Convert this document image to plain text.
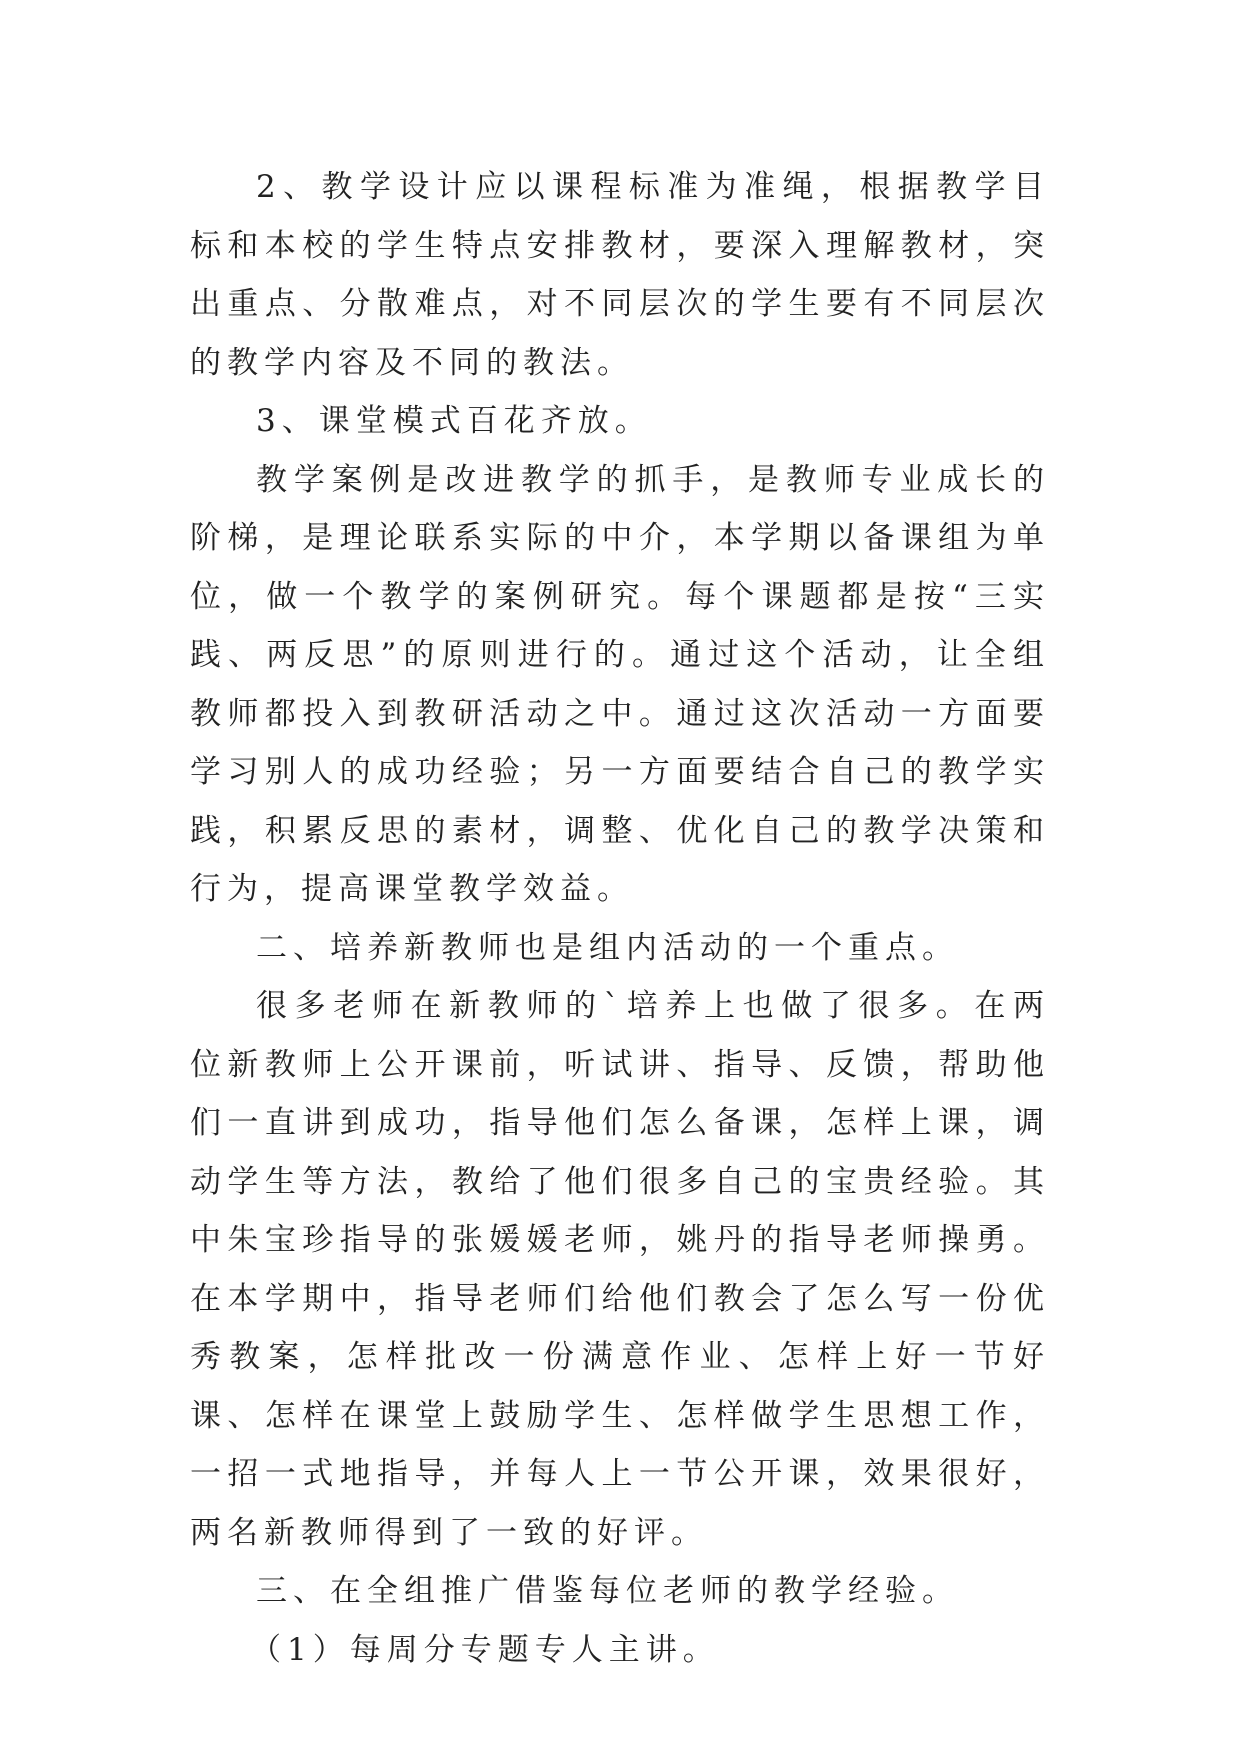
2、教学设计应以课程标准为准绳，根据教学目标和本校的学生特点安排教材，要深入理解教材，突出重点、分散难点，对不同层次的学生要有不同层次的教学内容及不同的教法。

3、课堂模式百花齐放。

教学案例是改进教学的抓手，是教师专业成长的阶梯，是理论联系实际的中介，本学期以备课组为单位，做一个教学的案例研究。每个课题都是按“三实践、两反思”的原则进行的。通过这个活动，让全组教师都投入到教研活动之中。通过这次活动一方面要学习别人的成功经验；另一方面要结合自己的教学实践，积累反思的素材，调整、优化自己的教学决策和行为，提高课堂教学效益。

二、培养新教师也是组内活动的一个重点。

很多老师在新教师的`培养上也做了很多。在两位新教师上公开课前，听试讲、指导、反馈，帮助他们一直讲到成功，指导他们怎么备课，怎样上课，调动学生等方法，教给了他们很多自己的宝贵经验。其中朱宝珍指导的张媛媛老师，姚丹的指导老师操勇。在本学期中，指导老师们给他们教会了怎么写一份优秀教案，怎样批改一份满意作业、怎样上好一节好课、怎样在课堂上鼓励学生、怎样做学生思想工作，一招一式地指导，并每人上一节公开课，效果很好，两名新教师得到了一致的好评。

三、在全组推广借鉴每位老师的教学经验。

（1）每周分专题专人主讲。
